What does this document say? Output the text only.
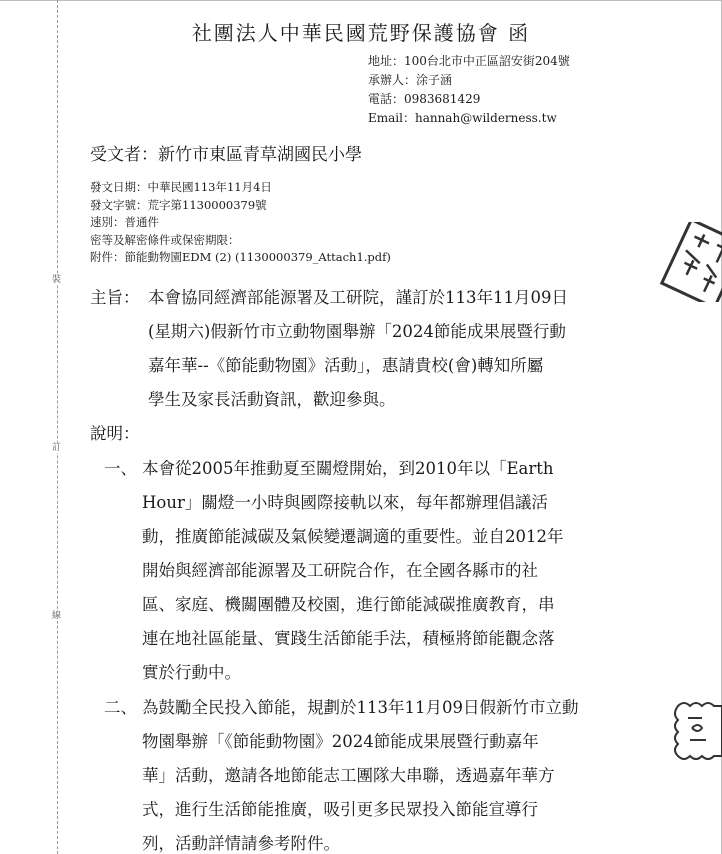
裝
訂
線
社團法人中華民國荒野保護協會 函
地址：100台北市中正區詔安街204號
承辦人：涂子涵
電話：0983681429
Email：hannah@wilderness.tw
受文者：新竹市東區青草湖國民小學
發文日期：中華民國113年11月4日
發文字號：荒字第1130000379號
速別：普通件
密等及解密條件或保密期限：
附件：節能動物園EDM (2) (1130000379_Attach1.pdf)
主旨： 本會協同經濟部能源署及工研院，謹訂於113年11月09日
(星期六)假新竹市立動物園舉辦「2024節能成果展暨行動
嘉年華--《節能動物園》活動」，惠請貴校(會)轉知所屬
學生及家長活動資訊，歡迎參與。
說明：
一、 本會從2005年推動夏至關燈開始，到2010年以「Earth
Hour」關燈一小時與國際接軌以來，每年都辦理倡議活
動，推廣節能減碳及氣候變遷調適的重要性。並自2012年
開始與經濟部能源署及工研院合作，在全國各縣市的社
區、家庭、機關團體及校園，進行節能減碳推廣教育，串
連在地社區能量、實踐生活節能手法，積極將節能觀念落
實於行動中。
二、 為鼓勵全民投入節能，規劃於113年11月09日假新竹市立動
物園舉辦「《節能動物園》2024節能成果展暨行動嘉年
華」活動，邀請各地節能志工團隊大串聯，透過嘉年華方
式，進行生活節能推廣，吸引更多民眾投入節能宣導行
列，活動詳情請參考附件。
